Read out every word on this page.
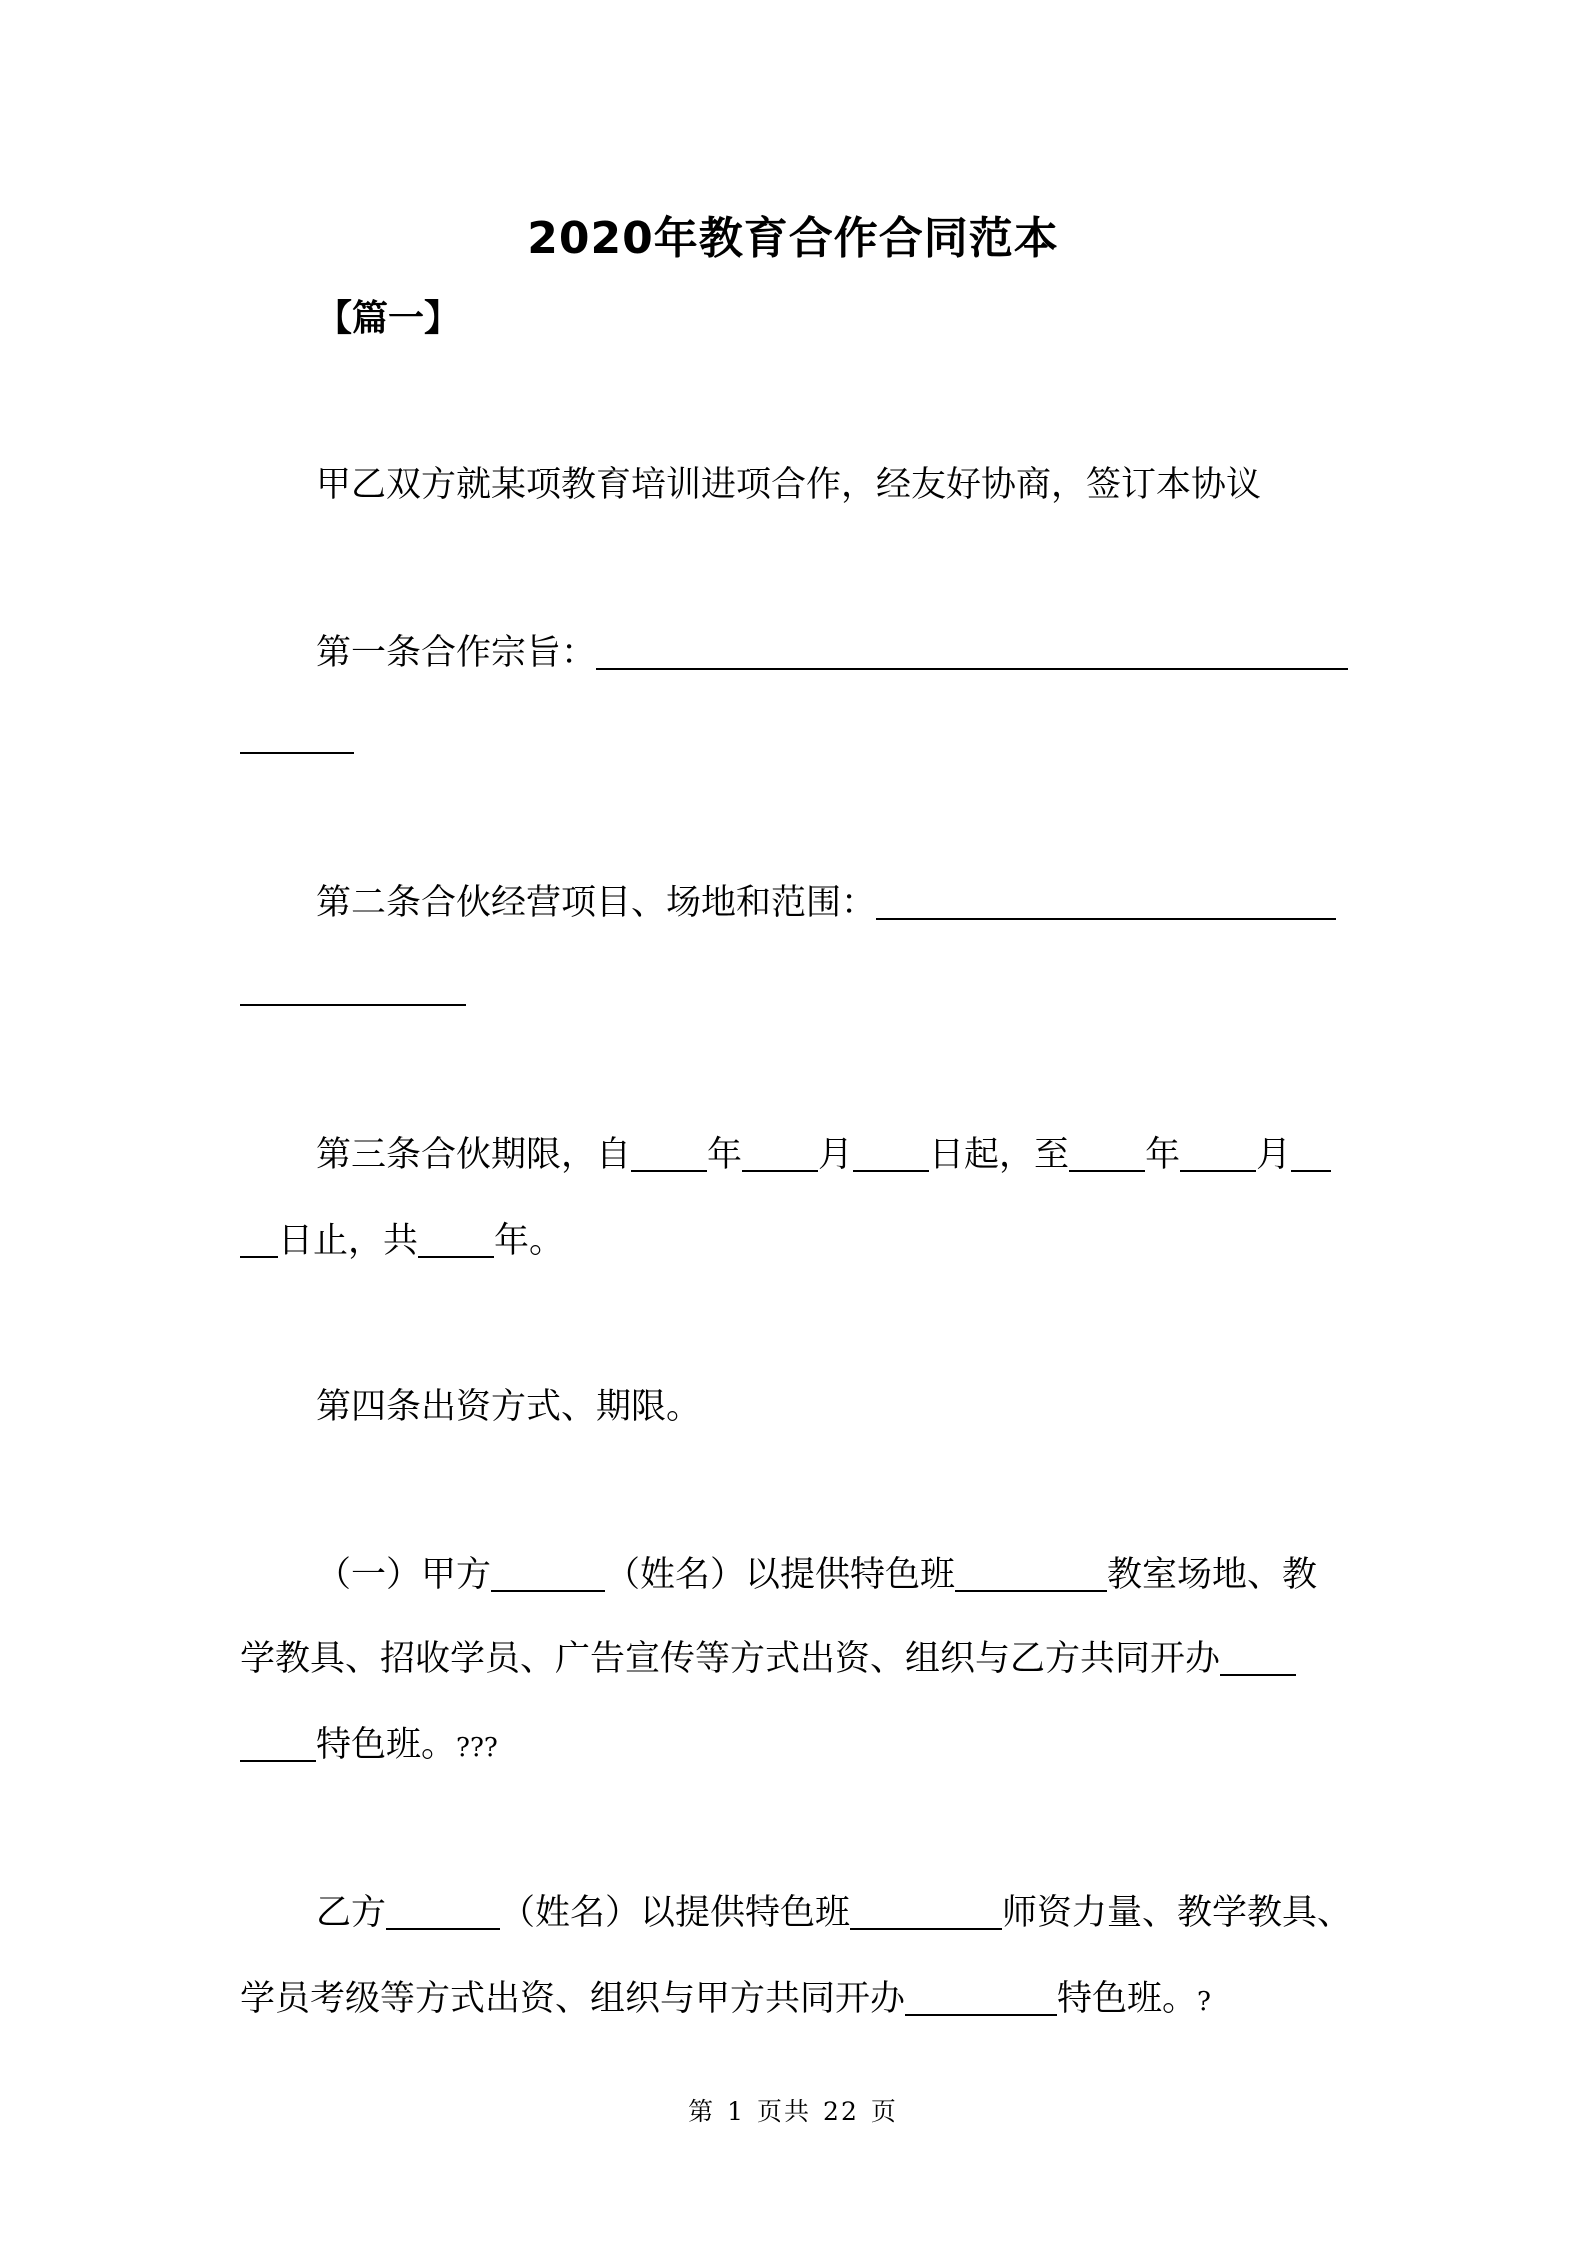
2020年教育合作合同范本
【篇一】
甲乙双方就某项教育培训进项合作，经友好协商，签订本协议
第一条合作宗旨：
第二条合伙经营项目、场地和范围：
第三条合伙期限，自 年 月 日起，至 年 月
日止，共 年。
第四条出资方式、期限。
（一）甲方	（姓名）以提供特色班	教室场地、教
学教具、招收学员、广告宣传等方式出资、组织与乙方共同开办
特色班。???
乙方	（姓名）以提供特色班	师资力量、教学教具、
学员考级等方式出资、组织与甲方共同开办	特色班。?
第 1 页共 22 页
